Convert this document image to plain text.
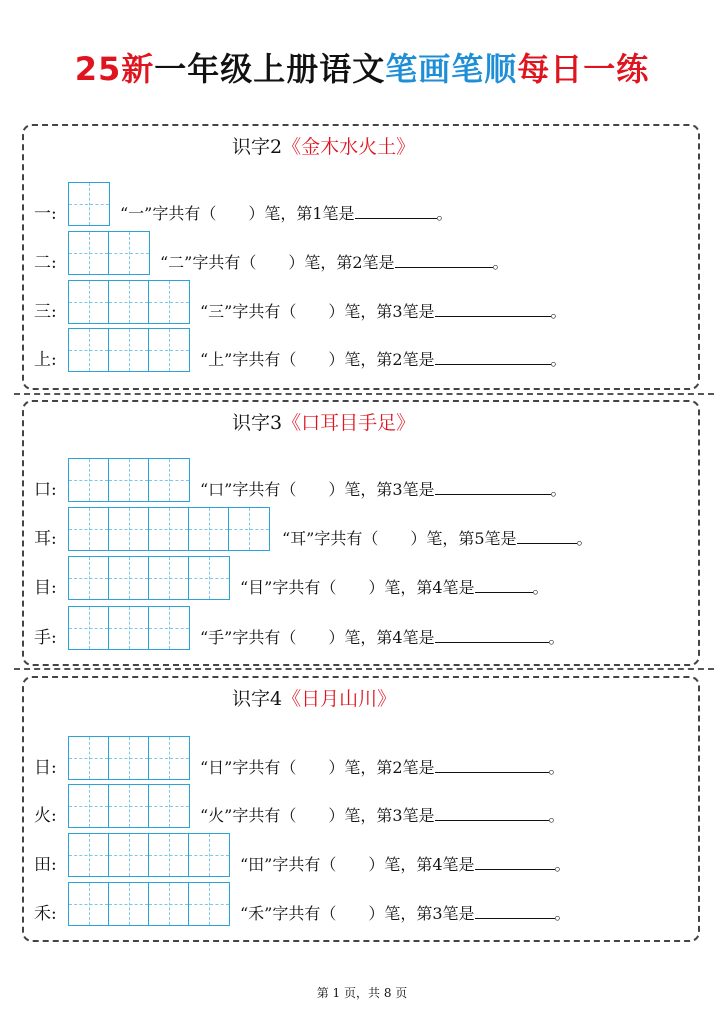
25新一年级上册语文笔画笔顺每日一练
识字2《金木水火土》
一:	“一”字共有（　　）笔，第1笔是	。
二:	“二”字共有（　　）笔，第2笔是	。
三:	“三”字共有（　　）笔，第3笔是	。
上:	“上”字共有（　　）笔，第2笔是	。
识字3《口耳目手足》
口:	“口”字共有（　　）笔，第3笔是	。
耳:	“耳”字共有（　　）笔，第5笔是	。
目:	“目”字共有（　　）笔，第4笔是	。
手:	“手”字共有（　　）笔，第4笔是	。
识字4《日月山川》
日:	“日”字共有（　　）笔，第2笔是	。
火:	“火”字共有（　　）笔，第3笔是	。
田:	“田”字共有（　　）笔，第4笔是	。
禾:	“禾”字共有（　　）笔，第3笔是	。
第 1 页，共 8 页
